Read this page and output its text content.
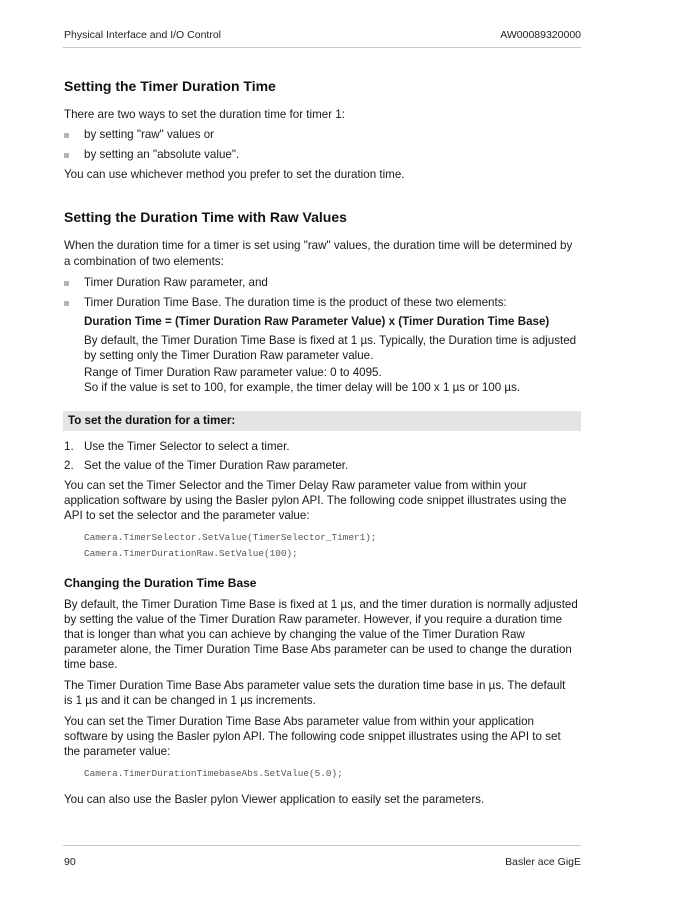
Physical Interface and I/O Control	AW00089320000
Setting the Timer Duration Time

There are two ways to set the duration time for timer 1:

by setting "raw" values or
by setting an "absolute value".

You can use whichever method you prefer to set the duration time.

Setting the Duration Time with Raw Values

When the duration time for a timer is set using "raw" values, the duration time will be determined by

a combination of two elements:

Timer Duration Raw parameter, and
Timer Duration Time Base. The duration time is the product of these two elements:

Duration Time = (Timer Duration Raw Parameter Value) x (Timer Duration Time Base)

By default, the Timer Duration Time Base is fixed at 1 µs. Typically, the Duration time is adjusted

by setting only the Timer Duration Raw parameter value.

Range of Timer Duration Raw parameter value: 0 to 4095.

So if the value is set to 100, for example, the timer delay will be 100 x 1 µs or 100 µs.

To set the duration for a timer:
1. Use the Timer Selector to select a timer.
2. Set the value of the Timer Duration Raw parameter.

You can set the Timer Selector and the Timer Delay Raw parameter value from within your

application software by using the Basler pylon API. The following code snippet illustrates using the

API to set the selector and the parameter value:

Camera.TimerSelector.SetValue(TimerSelector_Timer1);
Camera.TimerDurationRaw.SetValue(100);
Changing the Duration Time Base

By default, the Timer Duration Time Base is fixed at 1 µs, and the timer duration is normally adjusted

by setting the value of the Timer Duration Raw parameter. However, if you require a duration time

that is longer than what you can achieve by changing the value of the Timer Duration Raw

parameter alone, the Timer Duration Time Base Abs parameter can be used to change the duration

time base.

The Timer Duration Time Base Abs parameter value sets the duration time base in µs. The default

is 1 µs and it can be changed in 1 µs increments.

You can set the Timer Duration Time Base Abs parameter value from within your application

software by using the Basler pylon API. The following code snippet illustrates using the API to set

the parameter value:

Camera.TimerDurationTimebaseAbs.SetValue(5.0);

You can also use the Basler pylon Viewer application to easily set the parameters.

90	Basler ace GigE
